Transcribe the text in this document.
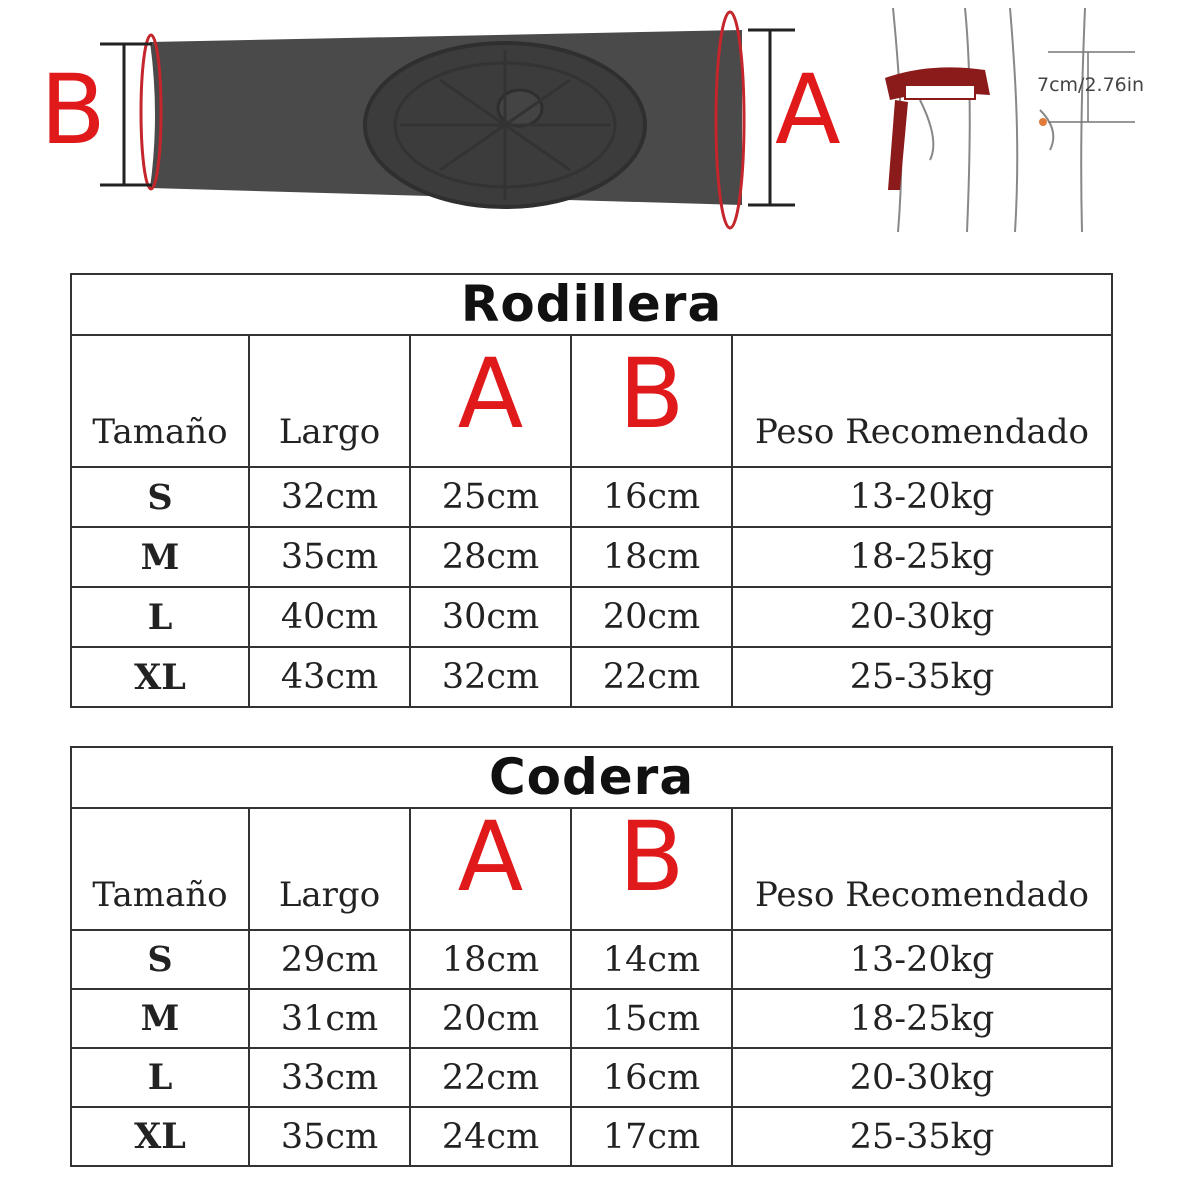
B	A	7cm/2.76in
Rodillera				

Tamaño	Largo	A	B	Peso Recomendado

S	32cm	25cm	16cm	13-20kg
M	35cm	28cm	18cm	18-25kg
L	40cm	30cm	20cm	20-30kg
XL	43cm	32cm	22cm	25-35kg
Codera				

Tamaño	Largo	A	B	Peso Recomendado

S	29cm	18cm	14cm	13-20kg
M	31cm	20cm	15cm	18-25kg
L	33cm	22cm	16cm	20-30kg
XL	35cm	24cm	17cm	25-35kg
